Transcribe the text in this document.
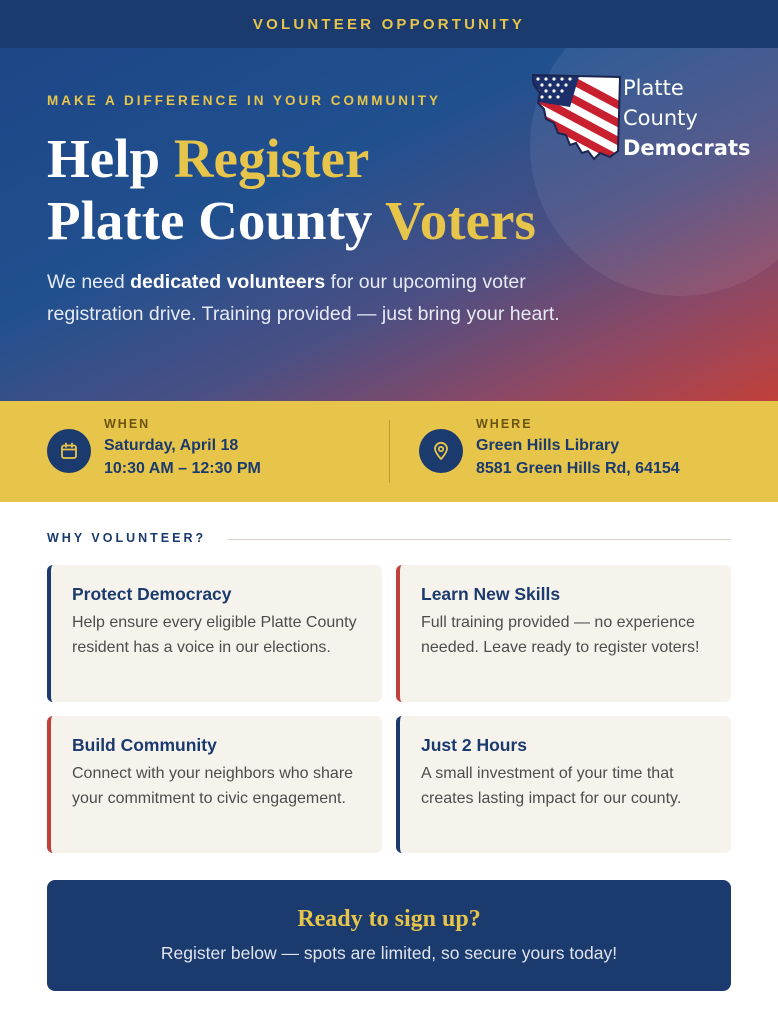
VOLUNTEER OPPORTUNITY
MAKE A DIFFERENCE IN YOUR COMMUNITY
Help Register
Platte County Voters
We need dedicated volunteers for our upcoming voter registration drive. Training provided — just bring your heart.
Platte
County
Democrats
WHEN
Saturday, April 18
10:30 AM – 12:30 PM
WHERE
Green Hills Library
8581 Green Hills Rd, 64154
WHY VOLUNTEER?
Protect Democracy

Help ensure every eligible Platte County resident has a voice in our elections.

Learn New Skills

Full training provided — no experience needed. Leave ready to register voters!

Build Community

Connect with your neighbors who share your commitment to civic engagement.

Just 2 Hours

A small investment of your time that creates lasting impact for our county.

Ready to sign up?

Register below — spots are limited, so secure yours today!
